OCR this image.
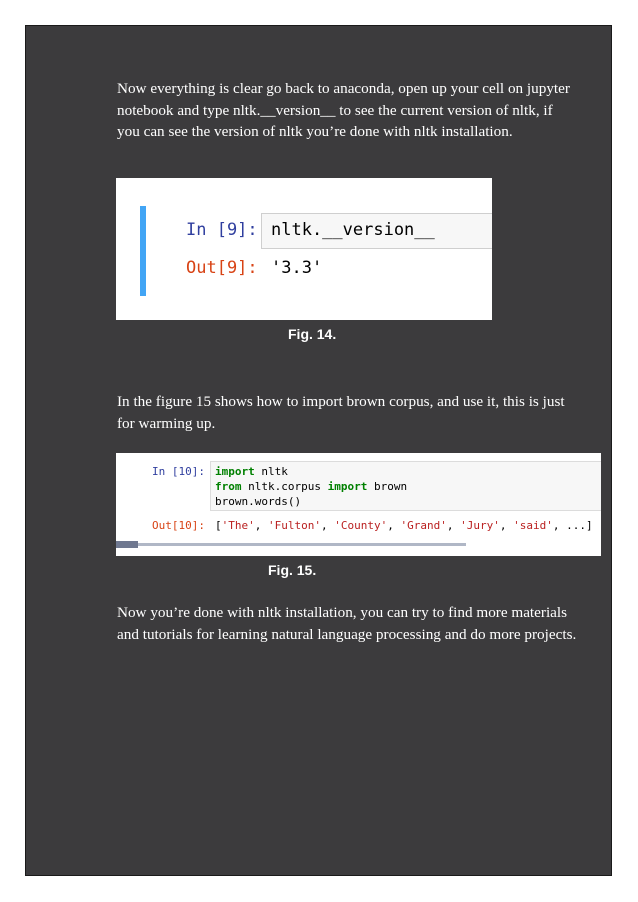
Now everything is clear go back to anaconda, open up your cell on jupyter notebook and type nltk.__version__ to see the current version of nltk, if you can see the version of nltk you’re done with nltk installation.

In [9]: nltk.__version__
Out[9]: '3.3'
Fig. 14.

In the figure 15 shows how to import brown corpus, and use it, this is just for warming up.

In [10]: import nltk
from nltk.corpus import brown
brown.words()
Out[10]: ['The', 'Fulton', 'County', 'Grand', 'Jury', 'said', ...]
Fig. 15.

Now you’re done with nltk installation, you can try to find more materials and tutorials for learning natural language processing and do more projects.
